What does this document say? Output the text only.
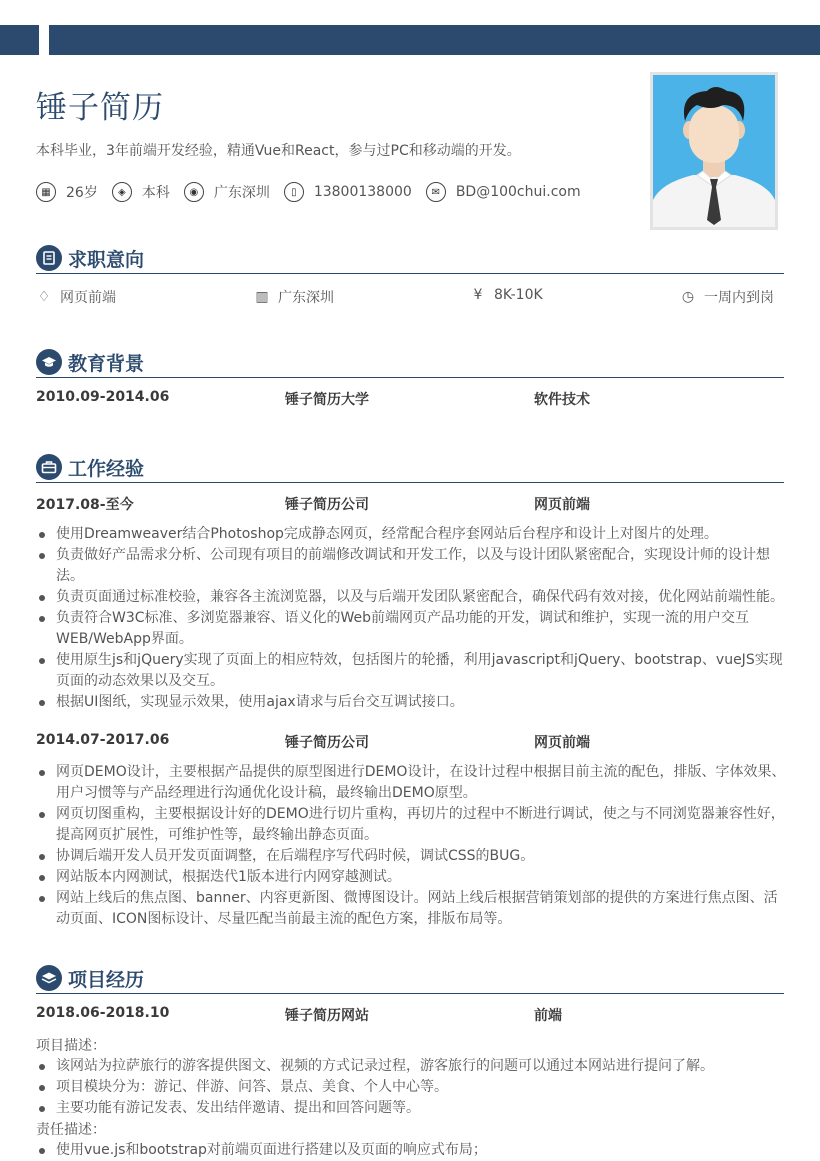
锤子简历
本科毕业，3年前端开发经验，精通Vue和React，参与过PC和移动端的开发。
▦	26岁	◈	本科	◉	广东深圳	▯	13800138000	✉	BD@100chui.com
求职意向
♢ 网页前端	▥ 广东深圳	¥ 8K-10K	◷ 一周内到岗
教育背景
2010.09-2014.06	锤子简历大学	软件技术
工作经验
2017.08-至今	锤子简历公司	网页前端
使用Dreamweaver结合Photoshop完成静态网页，经常配合程序套网站后台程序和设计上对图片的处理。
负责做好产品需求分析、公司现有项目的前端修改调试和开发工作，以及与设计团队紧密配合，实现设计师的设计想法。
负责页面通过标准校验，兼容各主流浏览器，以及与后端开发团队紧密配合，确保代码有效对接，优化网站前端性能。
负责符合W3C标准、多浏览器兼容、语义化的Web前端网页产品功能的开发，调试和维护，实现一流的用户交互WEB/WebApp界面。
使用原生js和jQuery实现了页面上的相应特效，包括图片的轮播，利用javascript和jQuery、bootstrap、vueJS实现页面的动态效果以及交互。
根据UI图纸，实现显示效果，使用ajax请求与后台交互调试接口。
2014.07-2017.06	锤子简历公司	网页前端
网页DEMO设计，主要根据产品提供的原型图进行DEMO设计，在设计过程中根据目前主流的配色，排版、字体效果、用户习惯等与产品经理进行沟通优化设计稿，最终输出DEMO原型。
网页切图重构，主要根据设计好的DEMO进行切片重构，再切片的过程中不断进行调试，使之与不同浏览器兼容性好，提高网页扩展性，可维护性等，最终输出静态页面。
协调后端开发人员开发页面调整，在后端程序写代码时候，调试CSS的BUG。
网站版本内网测试，根据迭代1版本进行内网穿越测试。
网站上线后的焦点图、banner、内容更新图、微博图设计。网站上线后根据营销策划部的提供的方案进行焦点图、活动页面、ICON图标设计、尽量匹配当前最主流的配色方案，排版布局等。
项目经历
2018.06-2018.10	锤子简历网站	前端
项目描述：
该网站为拉萨旅行的游客提供图文、视频的方式记录过程，游客旅行的问题可以通过本网站进行提问了解。
项目模块分为：游记、伴游、问答、景点、美食、个人中心等。
主要功能有游记发表、发出结伴邀请、提出和回答问题等。
责任描述：
使用vue.js和bootstrap对前端页面进行搭建以及页面的响应式布局；
